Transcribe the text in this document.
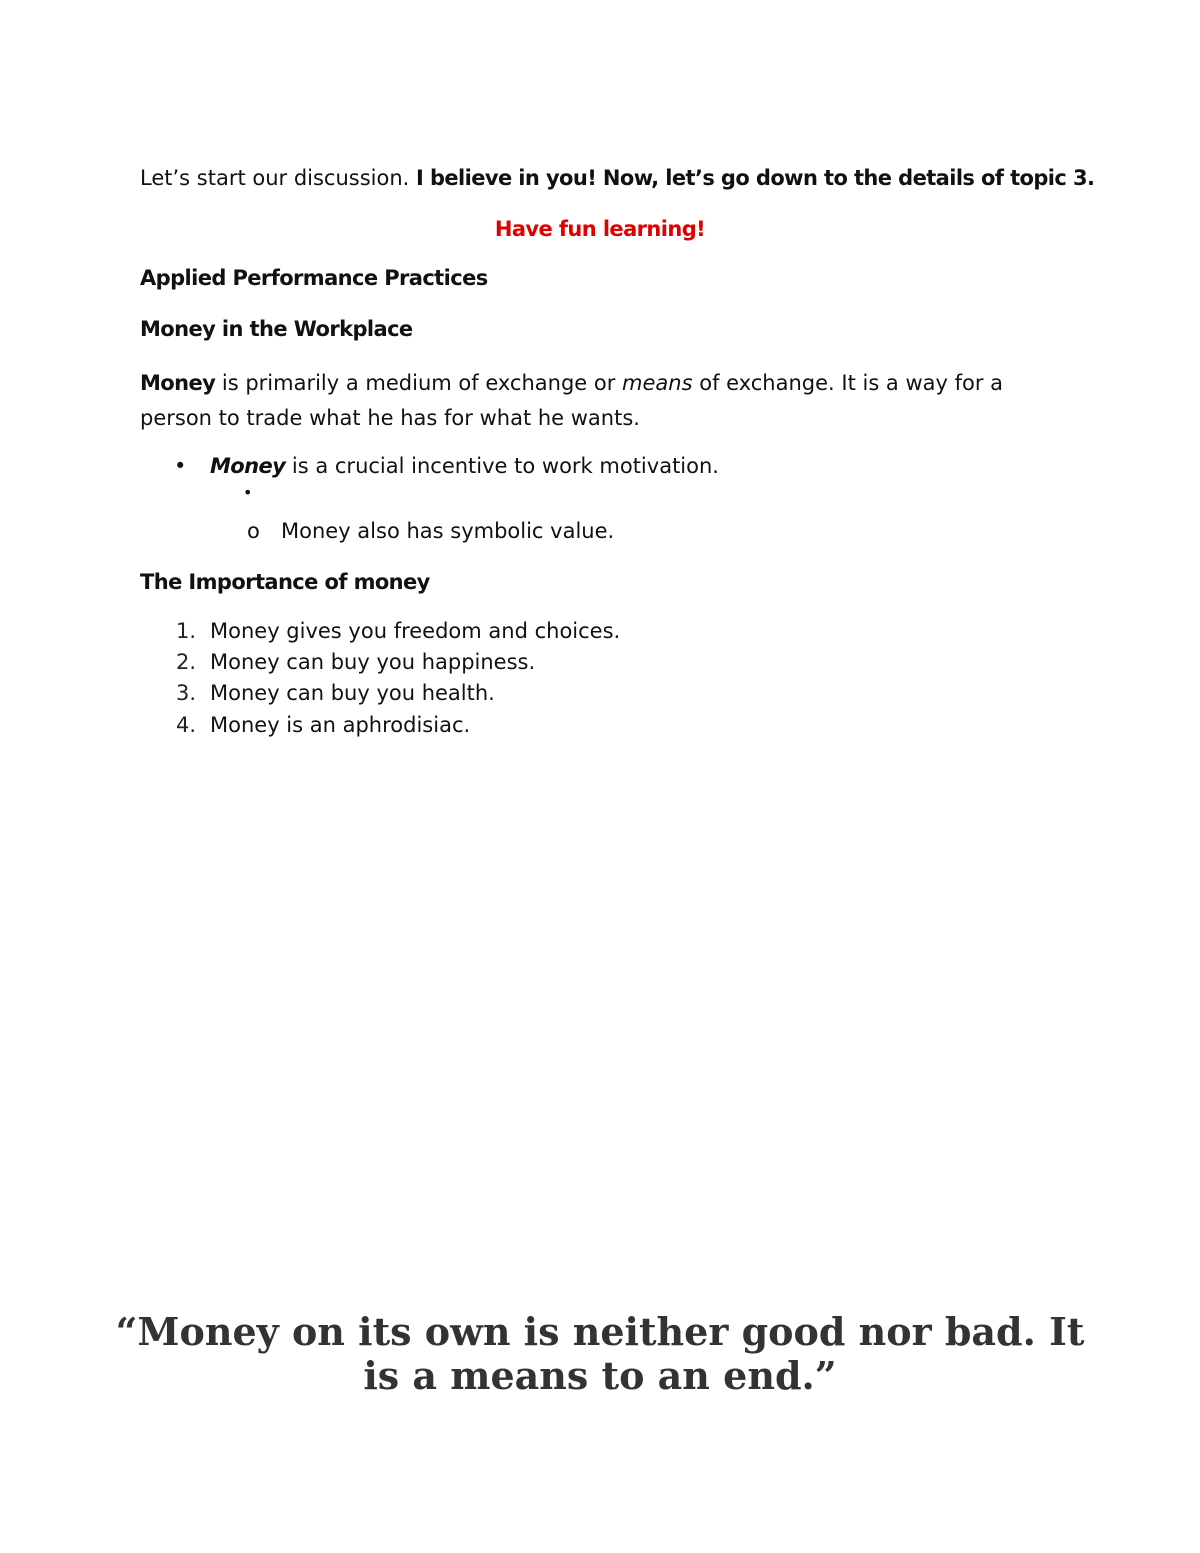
Let’s start our discussion. I believe in you! Now, let’s go down to the details of topic 3.
Have fun learning!
Applied Performance Practices
Money in the Workplace
Money is primarily a medium of exchange or means of exchange. It is a way for a
person to trade what he has for what he wants.
• Money is a crucial incentive to work motivation.
•
o Money also has symbolic value.
The Importance of money
1. Money gives you freedom and choices.
2. Money can buy you happiness.
3. Money can buy you health.
4. Money is an aphrodisiac.
“Money on its own is neither good nor bad. It
is a means to an end.”
